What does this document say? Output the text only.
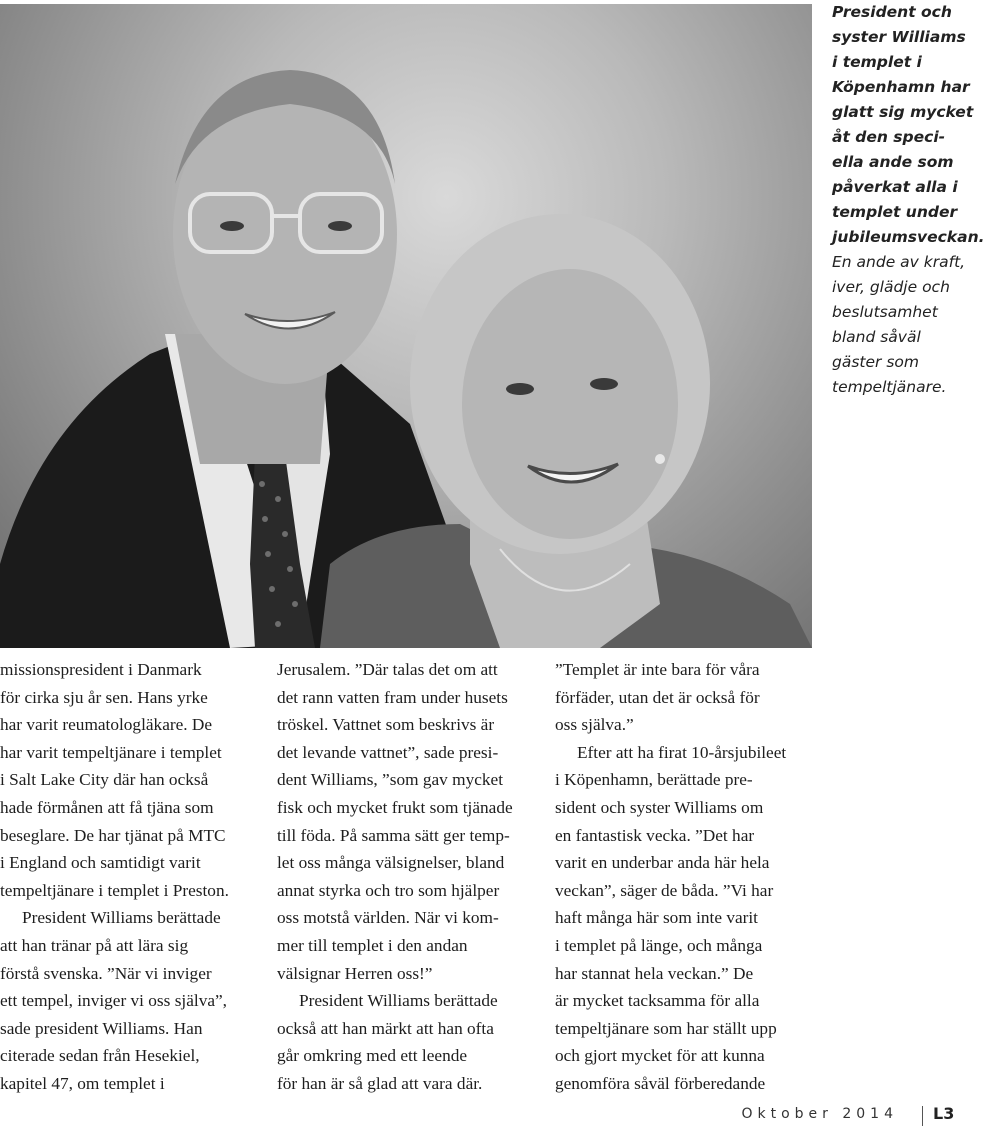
President och
syster Williams
i templet i
Köpenhamn har
glatt sig mycket
åt den speci-
ella ande som
påverkat alla i
templet under
jubileumsveckan.
En ande av kraft,
iver, glädje och
beslutsamhet
bland såväl
gäster som
tempeltjänare.
missionspresident i Danmark
för cirka sju år sen. Hans yrke
har varit reumatologläkare. De
har varit tempeltjänare i templet
i Salt Lake City där han också
hade förmånen att få tjäna som
beseglare. De har tjänat på MTC
i England och samtidigt varit
tempeltjänare i templet i Preston.
President Williams berättade
att han tränar på att lära sig
förstå svenska. ”När vi inviger
ett tempel, inviger vi oss själva”,
sade president Williams. Han
citerade sedan från Hesekiel,
kapitel 47, om templet i
Jerusalem. ”Där talas det om att
det rann vatten fram under husets
tröskel. Vattnet som beskrivs är
det levande vattnet”, sade presi-
dent Williams, ”som gav mycket
fisk och mycket frukt som tjänade
till föda. På samma sätt ger temp-
let oss många välsignelser, bland
annat styrka och tro som hjälper
oss motstå världen. När vi kom-
mer till templet i den andan
välsignar Herren oss!”
President Williams berättade
också att han märkt att han ofta
går omkring med ett leende
för han är så glad att vara där.
”Templet är inte bara för våra
förfäder, utan det är också för
oss själva.”
Efter att ha firat 10-årsjubileet
i Köpenhamn, berättade pre-
sident och syster Williams om
en fantastisk vecka. ”Det har
varit en underbar anda här hela
veckan”, säger de båda. ”Vi har
haft många här som inte varit
i templet på länge, och många
har stannat hela veckan.” De
är mycket tacksamma för alla
tempeltjänare som har ställt upp
och gjort mycket för att kunna
genomföra såväl förberedande
Oktober 2014 L3
